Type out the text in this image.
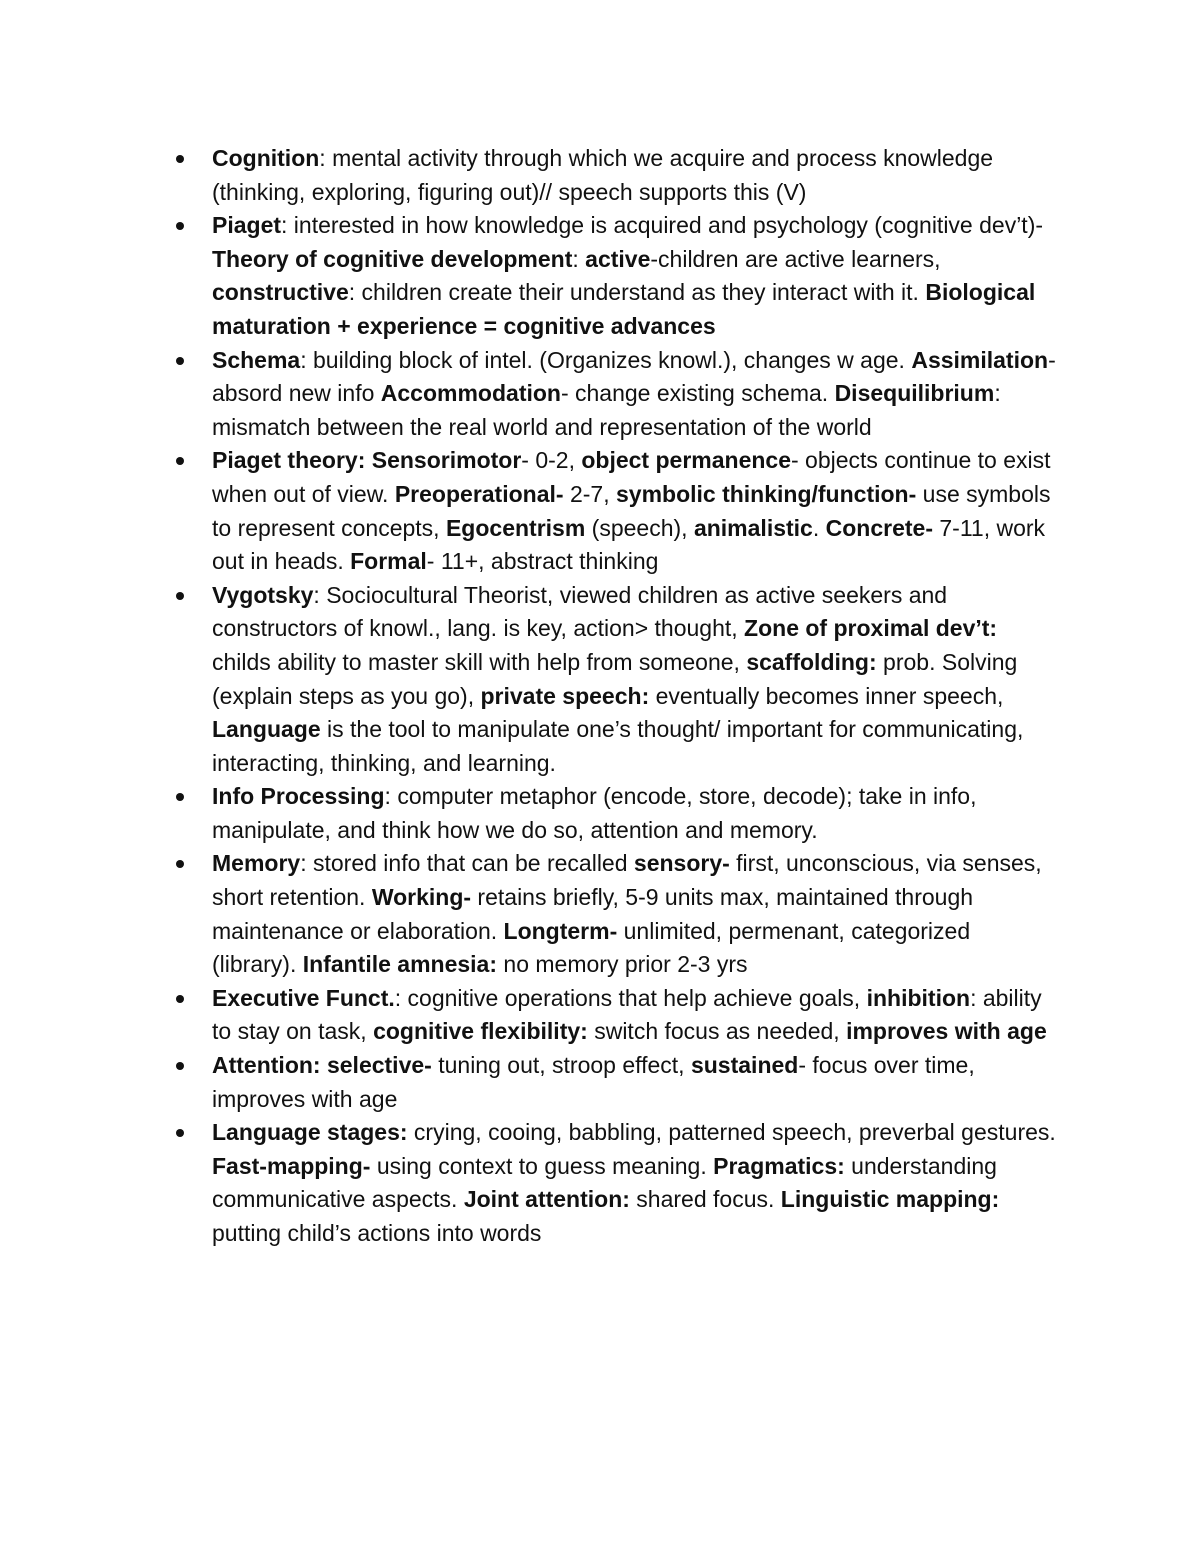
Cognition: mental activity through which we acquire and process knowledge (thinking, exploring, figuring out)// speech supports this (V)
Piaget: interested in how knowledge is acquired and psychology (cognitive dev’t)- Theory of cognitive development: active-children are active learners, constructive: children create their understand as they interact with it. Biological maturation + experience = cognitive advances
Schema: building block of intel. (Organizes knowl.), changes w age. Assimilation- absord new info Accommodation- change existing schema. Disequilibrium: mismatch between the real world and representation of the world
Piaget theory: Sensorimotor- 0-2, object permanence- objects continue to exist when out of view. Preoperational- 2-7, symbolic thinking/function- use symbols to represent concepts, Egocentrism (speech), animalistic. Concrete- 7-11, work out in heads. Formal- 11+, abstract thinking
Vygotsky: Sociocultural Theorist, viewed children as active seekers and constructors of knowl., lang. is key, action> thought, Zone of proximal dev’t: childs ability to master skill with help from someone, scaffolding: prob. Solving (explain steps as you go), private speech: eventually becomes inner speech, Language is the tool to manipulate one’s thought/ important for communicating, interacting, thinking, and learning.
Info Processing: computer metaphor (encode, store, decode); take in info, manipulate, and think how we do so, attention and memory.
Memory: stored info that can be recalled sensory- first, unconscious, via senses, short retention. Working- retains briefly, 5-9 units max, maintained through maintenance or elaboration. Longterm- unlimited, permenant, categorized (library). Infantile amnesia: no memory prior 2-3 yrs
Executive Funct.: cognitive operations that help achieve goals, inhibition: ability to stay on task, cognitive flexibility: switch focus as needed, improves with age
Attention: selective- tuning out, stroop effect, sustained- focus over time, improves with age
Language stages: crying, cooing, babbling, patterned speech, preverbal gestures. Fast-mapping- using context to guess meaning. Pragmatics: understanding communicative aspects. Joint attention: shared focus. Linguistic mapping: putting child’s actions into words
